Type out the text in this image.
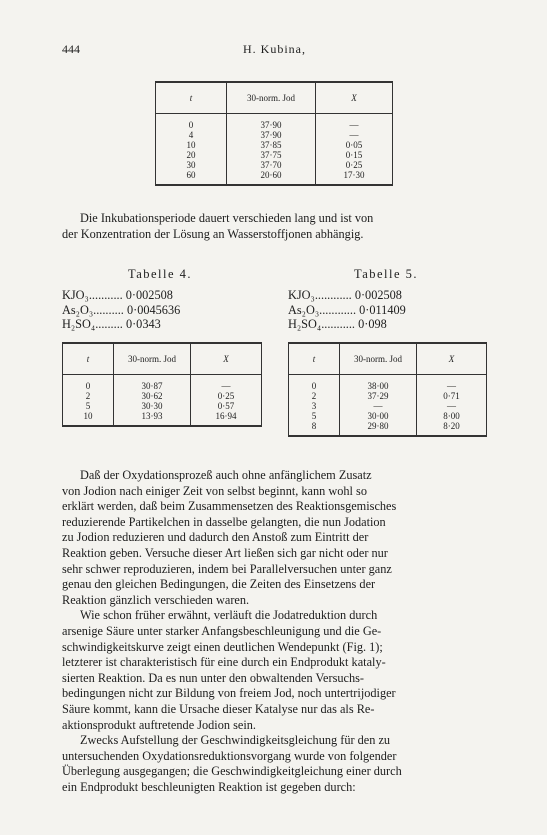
444	H. Kubina,
t	30-norm. Jod	X
0	37·90	—
4	37·90	—
10	37·85	0·05
20	37·75	0·15
30	37·70	0·25
60	20·60	17·30
Die Inkubationsperiode dauert verschieden lang und ist von
der Konzentration der Lösung an Wasserstoffjonen abhängig.
Tabelle 4.
KJO₃........... 0·002508
As₂O₃.......... 0·0045636
H₂SO₄......... 0·0343
t	30-norm. Jod	X
0	30·87	—
2	30·62	0·25
5	30·30	0·57
10	13·93	16·94
Tabelle 5.
KJO₃............ 0·002508
As₂O₃............ 0·011409
H₂SO₄........... 0·098
t	30-norm. Jod	X
0	38·00	—
2	37·29	0·71
3	—	—
5	30·00	8·00
8	29·80	8·20
Daß der Oxydationsprozeß auch ohne anfänglichem Zusatz
von Jodion nach einiger Zeit von selbst beginnt, kann wohl so
erklärt werden, daß beim Zusammensetzen des Reaktionsgemisches
reduzierende Partikelchen in dasselbe gelangten, die nun Jodation
zu Jodion reduzieren und dadurch den Anstoß zum Eintritt der
Reaktion geben. Versuche dieser Art ließen sich gar nicht oder nur
sehr schwer reproduzieren, indem bei Parallelversuchen unter ganz
genau den gleichen Bedingungen, die Zeiten des Einsetzens der
Reaktion gänzlich verschieden waren.
Wie schon früher erwähnt, verläuft die Jodatreduktion durch
arsenige Säure unter starker Anfangsbeschleunigung und die Ge-
schwindigkeitskurve zeigt einen deutlichen Wendepunkt (Fig. 1);
letzterer ist charakteristisch für eine durch ein Endprodukt kataly-
sierten Reaktion. Da es nun unter den obwaltenden Versuchs-
bedingungen nicht zur Bildung von freiem Jod, noch untertrijodiger
Säure kommt, kann die Ursache dieser Katalyse nur das als Re-
aktionsprodukt auftretende Jodion sein.
Zwecks Aufstellung der Geschwindigkeitsgleichung für den zu
untersuchenden Oxydationsreduktionsvorgang wurde von folgender
Überlegung ausgegangen; die Geschwindigkeitgleichung einer durch
ein Endprodukt beschleunigten Reaktion ist gegeben durch:
